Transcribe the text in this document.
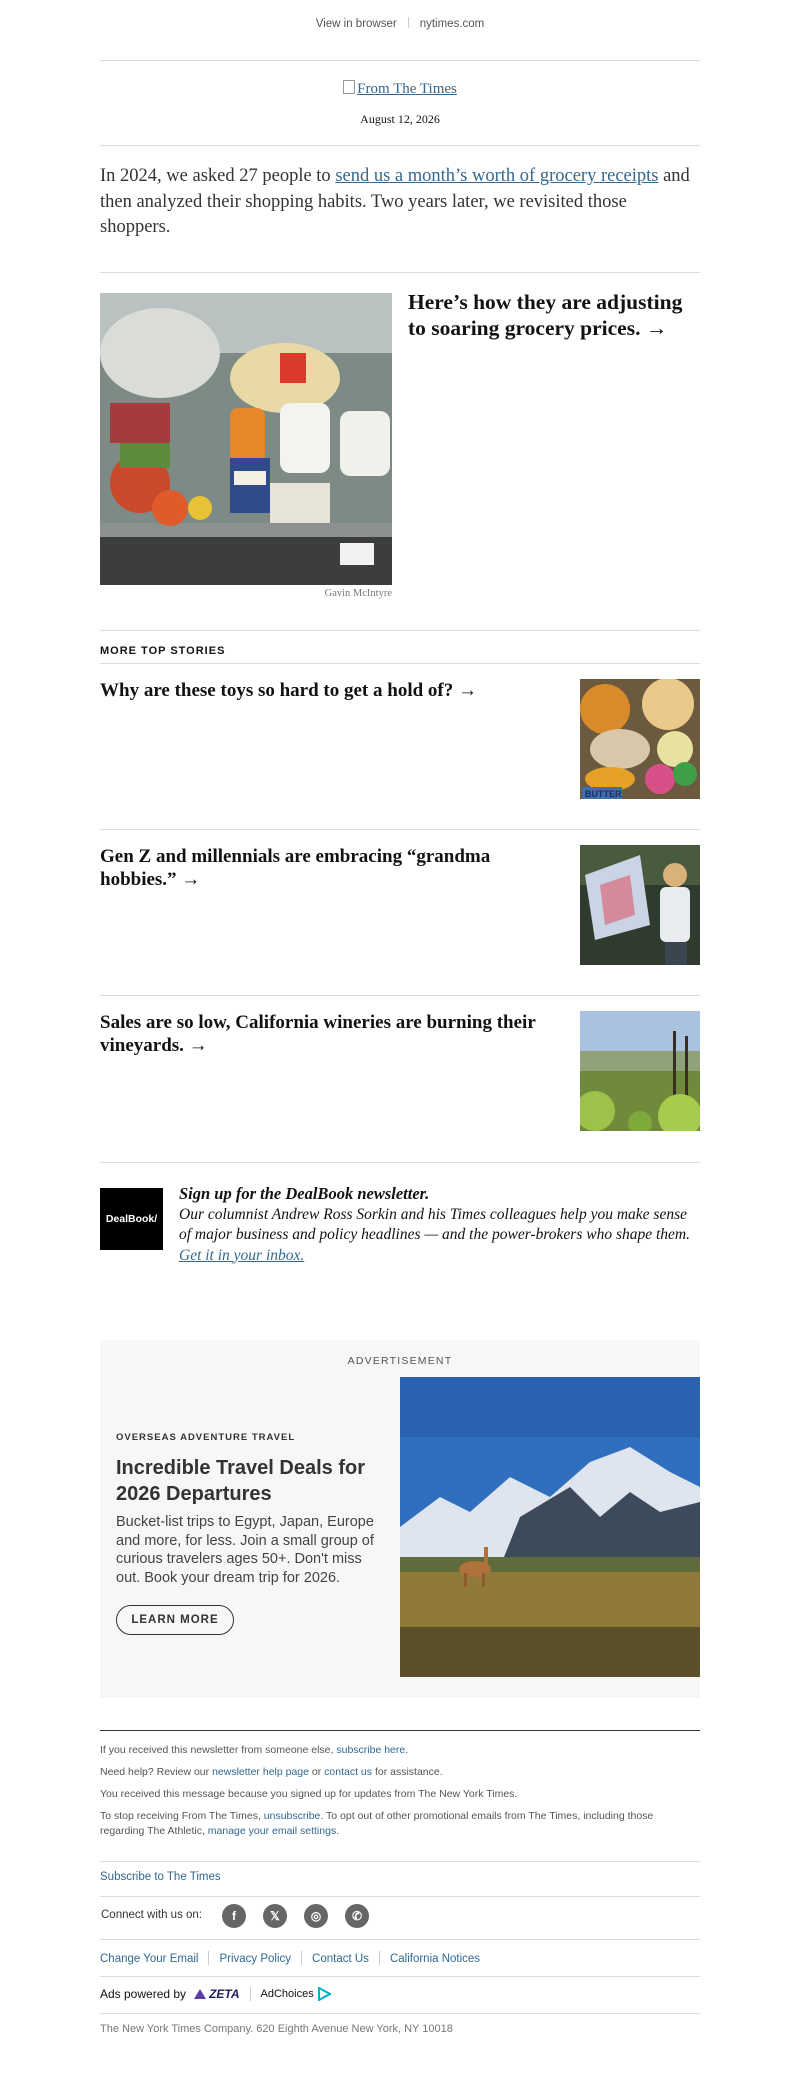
View in browser nytimes.com
From The Times
August 12, 2026
In 2024, we asked 27 people to send us a month’s worth of grocery receipts and then analyzed their shopping habits. Two years later, we revisited those shoppers.
Gavin McIntyre
Here’s how they are adjusting to soaring grocery prices. →
MORE TOP STORIES
Why are these toys so hard to get a hold of? →
BUTTER
Gen Z and millennials are embracing “grandma hobbies.” →
Sales are so low, California wineries are burning their vineyards. →
DealBook/
Sign up for the DealBook newsletter.
Our columnist Andrew Ross Sorkin and his Times colleagues help you make sense of major business and policy headlines — and the power-brokers who shape them.
Get it in your inbox.
ADVERTISEMENT
OVERSEAS ADVENTURE TRAVEL
Incredible Travel Deals for 2026 Departures
Bucket-list trips to Egypt, Japan, Europe and more, for less. Join a small group of curious travelers ages 50+. Don't miss out. Book your dream trip for 2026.
LEARN MORE
If you received this newsletter from someone else, subscribe here.
Need help? Review our newsletter help page or contact us for assistance.
You received this message because you signed up for updates from The New York Times.
To stop receiving From The Times, unsubscribe. To opt out of other promotional emails from The Times, including those regarding The Athletic, manage your email settings.
Subscribe to The Times
Connect with us on:	f	𝕏	◎	✆
Change Your Email Privacy Policy Contact Us California Notices
Ads powered by ZETA AdChoices
The New York Times Company. 620 Eighth Avenue New York, NY 10018
